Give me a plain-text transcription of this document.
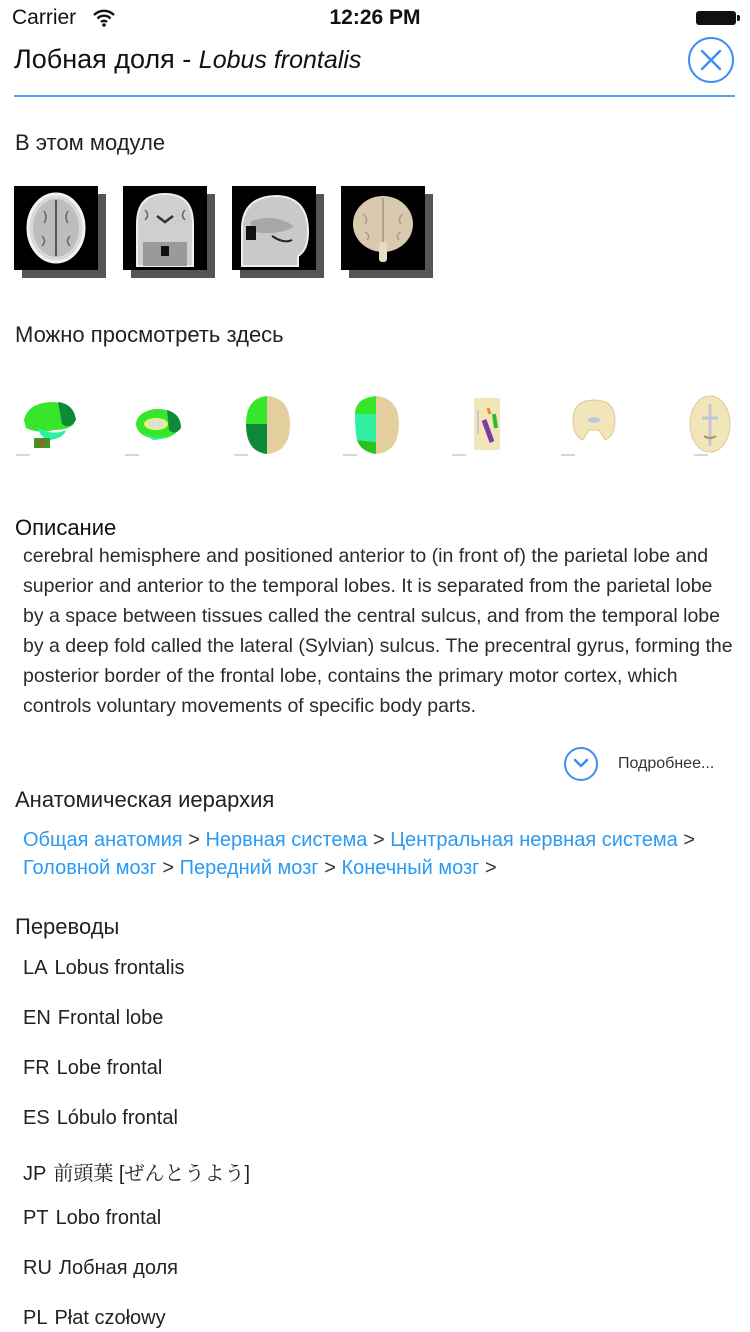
Carrier	12:26 PM
Лобная доля - Lobus frontalis
В этом модуле
Можно просмотреть здесь
Описание
cerebral hemisphere and positioned anterior to (in front of) the parietal lobe and superior and anterior to the temporal lobes. It is separated from the parietal lobe by a space between tissues called the central sulcus, and from the temporal lobe by a deep fold called the lateral (Sylvian) sulcus. The precentral gyrus, forming the posterior border of the frontal lobe, contains the primary motor cortex, which controls voluntary movements of specific body parts.
Подробнее...
Анатомическая иерархия
Общая анатомия > Нервная система > Центральная нервная система > Головной мозг > Передний мозг > Конечный мозг >
Переводы
LA Lobus frontalis
EN Frontal lobe
FR Lobe frontal
ES Lóbulo frontal
JP 前頭葉 [ぜんとうよう]
PT Lobo frontal
RU Лобная доля
PL Płat czołowy
